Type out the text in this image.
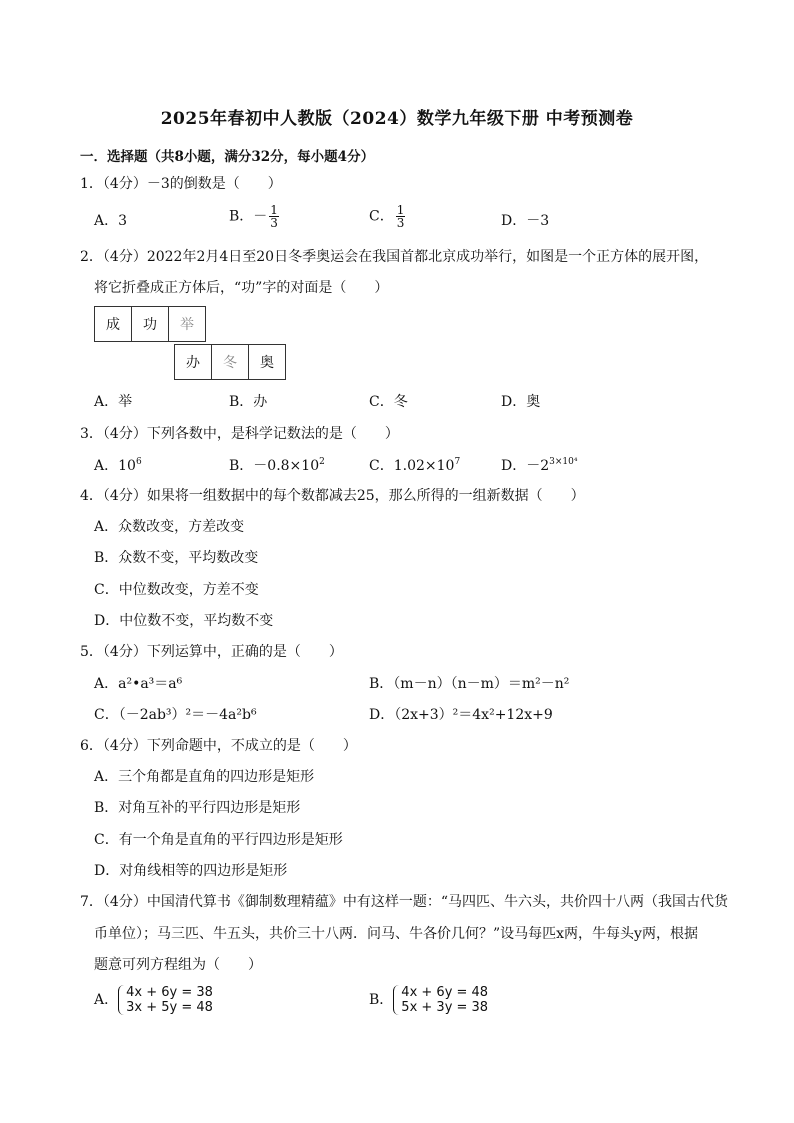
2025年春初中人教版（2024）数学九年级下册 中考预测卷
一．选择题（共8小题，满分32分，每小题4分）
1．（4分）－3的倒数是（　　）
A．3	B．－ $\frac{1}{3}$	C． $\frac{1}{3}$	D．－3
2．（4分）2022年2月4日至20日冬季奥运会在我国首都北京成功举行，如图是一个正方体的展开图，
将它折叠成正方体后，“功”字的对面是（　　）
成	功	举
办	冬	奥
A．举	B．办	C．冬	D．奥
3．（4分）下列各数中，是科学记数法的是（　　）
A．$10^6$	B．$-0.8\times 10^2$	C．$1.02\times 10^7$	D．$-2^{3\times 10^4}$
4．（4分）如果将一组数据中的每个数都减去25，那么所得的一组新数据（　　）
A．众数改变，方差改变
B．众数不变，平均数改变
C．中位数改变，方差不变
D．中位数不变，平均数不变
5．（4分）下列运算中，正确的是（　　）
A．a²•a³＝a⁶	B．（m－n）（n－m）＝m²－n²
C．（－2ab³）²＝－4a²b⁶	D．（2x+3）²＝4x²+12x+9
6．（4分）下列命题中，不成立的是（　　）
A．三个角都是直角的四边形是矩形
B．对角互补的平行四边形是矩形
C．有一个角是直角的平行四边形是矩形
D．对角线相等的四边形是矩形
7．（4分）中国清代算书《御制数理精蕴》中有这样一题：“马四匹、牛六头，共价四十八两（我国古代货
币单位）；马三匹、牛五头，共价三十八两．问马、牛各价几何？”设马每匹x两，牛每头y两，根据
题意可列方程组为（　　）
A． 4x + 6y = 38
3x + 5y = 48	B． 4x + 6y = 48
5x + 3y = 38
